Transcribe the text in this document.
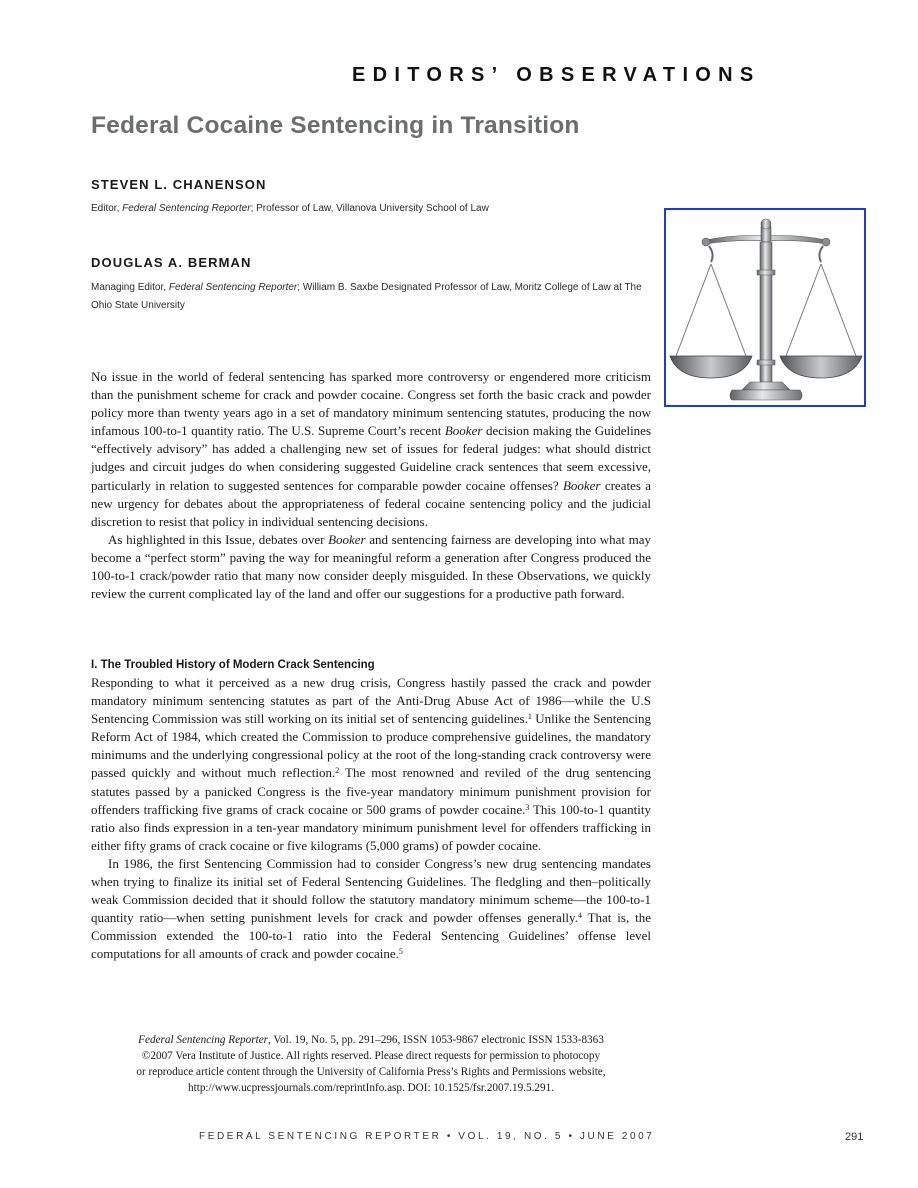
EDITORS’ OBSERVATIONS
Federal Cocaine Sentencing in Transition
STEVEN L. CHANENSON
Editor, Federal Sentencing Reporter; Professor of Law, Villanova University School of Law
DOUGLAS A. BERMAN
Managing Editor, Federal Sentencing Reporter; William B. Saxbe Designated Professor of Law, Moritz College of Law at The Ohio State University

No issue in the world of federal sentencing has sparked more controversy or engendered more criticism than the punishment scheme for crack and powder cocaine. Congress set forth the basic crack and powder policy more than twenty years ago in a set of mandatory minimum sentencing statutes, producing the now infamous 100-to-1 quantity ratio. The U.S. Supreme Court’s recent Booker decision making the Guidelines “effectively advisory” has added a challenging new set of issues for federal judges: what should district judges and circuit judges do when considering suggested Guideline crack sentences that seem excessive, particularly in relation to suggested sentences for comparable powder cocaine offenses? Booker creates a new urgency for debates about the appropriateness of federal cocaine sentencing policy and the judicial discretion to resist that policy in individual sentencing decisions.

As highlighted in this Issue, debates over Booker and sentencing fairness are developing into what may become a “perfect storm” paving the way for meaningful reform a generation after Congress produced the 100-to-1 crack/powder ratio that many now consider deeply misguided. In these Observations, we quickly review the current complicated lay of the land and offer our suggestions for a productive path forward.

I. The Troubled History of Modern Crack Sentencing

Responding to what it perceived as a new drug crisis, Congress hastily passed the crack and powder mandatory minimum sentencing statutes as part of the Anti-Drug Abuse Act of 1986—while the U.S Sentencing Commission was still working on its initial set of sentencing guidelines.$^1$ Unlike the Sentencing Reform Act of 1984, which created the Commission to produce comprehensive guidelines, the mandatory minimums and the underlying congressional policy at the root of the long-standing crack controversy were passed quickly and without much reflection.$^2$ The most renowned and reviled of the drug sentencing statutes passed by a panicked Congress is the five-year mandatory minimum punishment provision for offenders trafficking five grams of crack cocaine or 500 grams of powder cocaine.$^3$ This 100-to-1 quantity ratio also finds expression in a ten-year mandatory minimum punishment level for offenders trafficking in either fifty grams of crack cocaine or five kilograms (5,000 grams) of powder cocaine.

In 1986, the first Sentencing Commission had to consider Congress’s new drug sentencing mandates when trying to finalize its initial set of Federal Sentencing Guidelines. The fledgling and then–politically weak Commission decided that it should follow the statutory mandatory minimum scheme—the 100-to-1 quantity ratio—when setting punishment levels for crack and powder offenses generally.$^4$ That is, the Commission extended the 100-to-1 ratio into the Federal Sentencing Guidelines’ offense level computations for all amounts of crack and powder cocaine.$^5$

Federal Sentencing Reporter, Vol. 19, No. 5, pp. 291–296, ISSN 1053-9867 electronic ISSN 1533-8363
©2007 Vera Institute of Justice. All rights reserved. Please direct requests for permission to photocopy
or reproduce article content through the University of California Press’s Rights and Permissions website,
http://www.ucpressjournals.com/reprintInfo.asp. DOI: 10.1525/fsr.2007.19.5.291.
FEDERAL SENTENCING REPORTER • VOL. 19, NO. 5 • JUNE 2007	291
